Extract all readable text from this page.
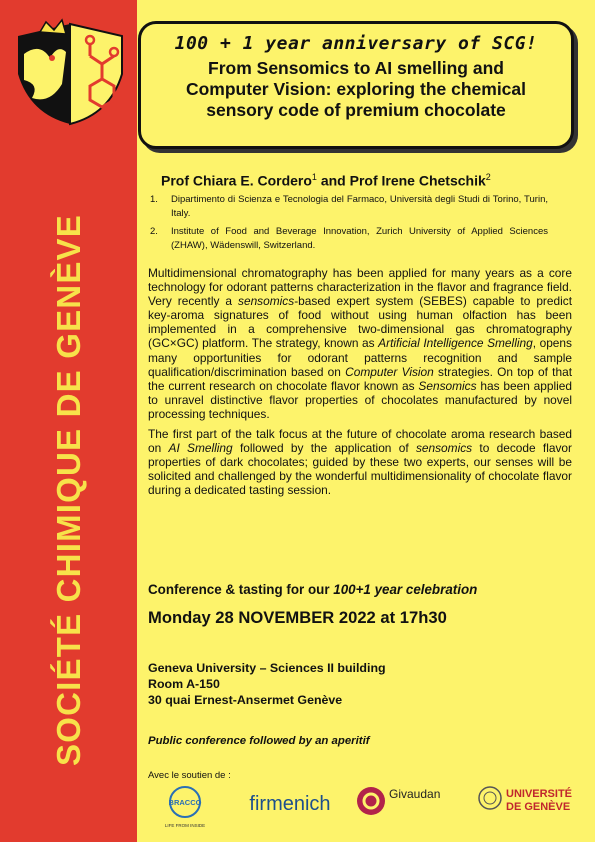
SOCIÉTÉ CHIMIQUE DE GENÈVE
100 + 1 year anniversary of SCG!
From Sensomics to AI smelling and
Computer Vision: exploring the chemical
sensory code of premium chocolate
Prof Chiara E. Cordero$^1$ and Prof Irene Chetschik$^2$
1.	Dipartimento di Scienza e Tecnologia del Farmaco, Università degli Studi di Torino, Turin, Italy.
2.	Institute of Food and Beverage Innovation, Zurich University of Applied Sciences (ZHAW), Wädenswill, Switzerland.

Multidimensional chromatography has been applied for many years as a core technology for odorant patterns characterization in the flavor and fragrance field. Very recently a sensomics-based expert system (SEBES) capable to predict key-aroma signatures of food without using human olfaction has been implemented in a comprehensive two-dimensional gas chromatography (GC×GC) platform. The strategy, known as Artificial Intelligence Smelling, opens many opportunities for odorant patterns recognition and sample qualification/discrimination based on Computer Vision strategies. On top of that the current research on chocolate flavor known as Sensomics has been applied to unravel distinctive flavor properties of chocolates manufactured by novel processing techniques.

The first part of the talk focus at the future of chocolate aroma research based on AI Smelling followed by the application of sensomics to decode flavor properties of dark chocolates; guided by these two experts, our senses will be solicited and challenged by the wonderful multidimensionality of chocolate flavor during a dedicated tasting session.

Conference & tasting for our 100+1 year celebration
Monday 28 NOVEMBER 2022 at 17h30
Geneva University – Sciences II building
Room A-150
30 quai Ernest-Ansermet Genève
Public conference followed by an aperitif
Avec le soutien de :
BRACCO
LIFE FROM INSIDE
firmenich	Givaudan	UNIVERSITÉ
DE GENÈVE
